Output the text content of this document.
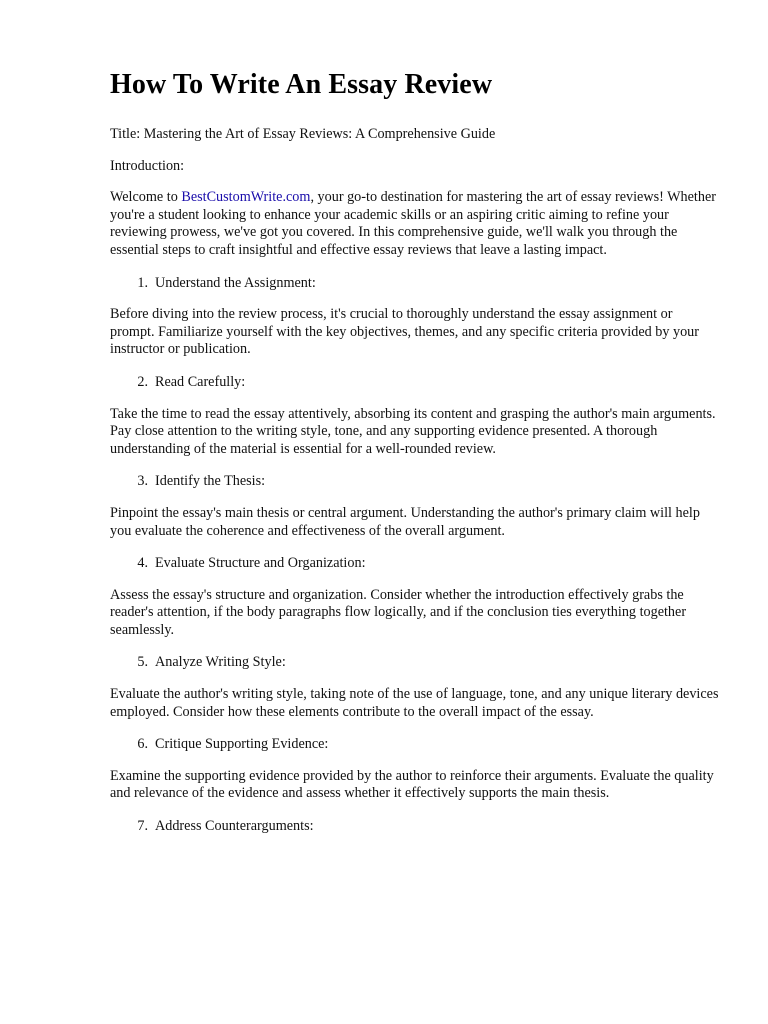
How To Write An Essay Review

Title: Mastering the Art of Essay Reviews: A Comprehensive Guide

Introduction:

Welcome to BestCustomWrite.com, your go-to destination for mastering the art of essay reviews! Whether you're a student looking to enhance your academic skills or an aspiring critic aiming to refine your reviewing prowess, we've got you covered. In this comprehensive guide, we'll walk you through the essential steps to craft insightful and effective essay reviews that leave a lasting impact.

1. Understand the Assignment:

Before diving into the review process, it's crucial to thoroughly understand the essay assignment or prompt. Familiarize yourself with the key objectives, themes, and any specific criteria provided by your instructor or publication.

2. Read Carefully:

Take the time to read the essay attentively, absorbing its content and grasping the author's main arguments. Pay close attention to the writing style, tone, and any supporting evidence presented. A thorough understanding of the material is essential for a well-rounded review.

3. Identify the Thesis:

Pinpoint the essay's main thesis or central argument. Understanding the author's primary claim will help you evaluate the coherence and effectiveness of the overall argument.

4. Evaluate Structure and Organization:

Assess the essay's structure and organization. Consider whether the introduction effectively grabs the reader's attention, if the body paragraphs flow logically, and if the conclusion ties everything together seamlessly.

5. Analyze Writing Style:

Evaluate the author's writing style, taking note of the use of language, tone, and any unique literary devices employed. Consider how these elements contribute to the overall impact of the essay.

6. Critique Supporting Evidence:

Examine the supporting evidence provided by the author to reinforce their arguments. Evaluate the quality and relevance of the evidence and assess whether it effectively supports the main thesis.

7. Address Counterarguments:
